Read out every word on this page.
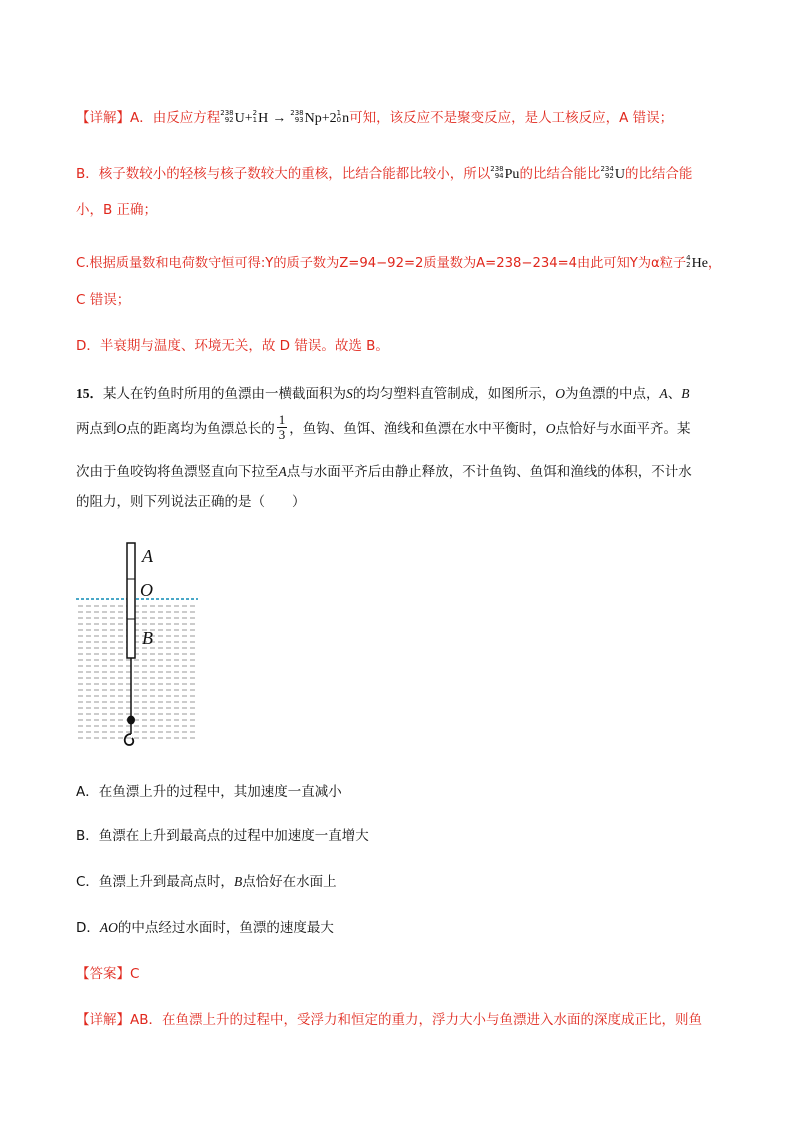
【详解】A．由反应方程 238
92 U+ 2
1 H → 238
93 Np+2 1
0 n可知，该反应不是聚变反应，是人工核反应，A 错误；
B．核子数较小的轻核与核子数较大的重核，比结合能都比较小，所以 238
94 Pu的比结合能比 234
92 U的比结合能
小，B 正确；
C.根据质量数和电荷数守恒可得:Y的质子数为Z=94−92=2质量数为A=238−234=4由此可知Y为α粒子 4
2 He，
C 错误；
D．半衰期与温度、环境无关，故 D 错误。故选 B。
15．某人在钓鱼时所用的鱼漂由一横截面积为S的均匀塑料直管制成，如图所示，O为鱼漂的中点，A、B
两点到O点的距离均为鱼漂总长的 $\frac{1}{3}$ ，鱼钩、鱼饵、渔线和鱼漂在水中平衡时，O点恰好与水面平齐。某
次由于鱼咬钩将鱼漂竖直向下拉至A点与水面平齐后由静止释放，不计鱼钩、鱼饵和渔线的体积，不计水
的阻力，则下列说法正确的是（　　）
A
O
B
A．在鱼漂上升的过程中，其加速度一直减小
B．鱼漂在上升到最高点的过程中加速度一直增大
C．鱼漂上升到最高点时，B点恰好在水面上
D．AO的中点经过水面时，鱼漂的速度最大
【答案】C
【详解】AB．在鱼漂上升的过程中，受浮力和恒定的重力，浮力大小与鱼漂进入水面的深度成正比，则鱼
